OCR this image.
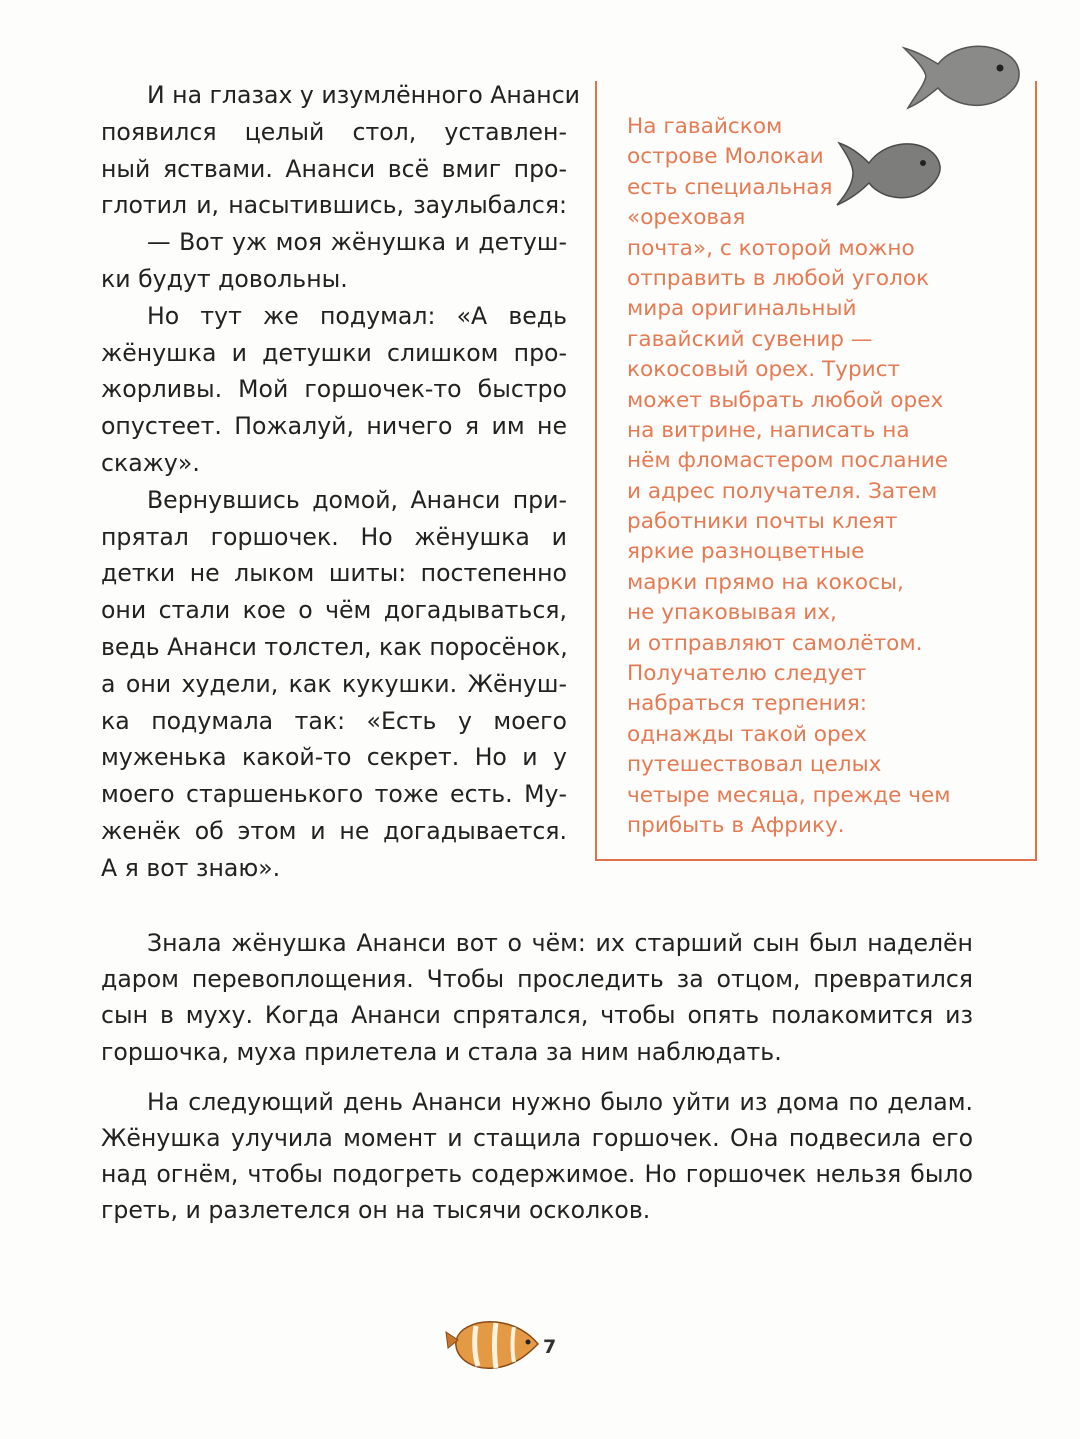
И на глазах у изумлённого Ананси
появился целый стол, уставлен-
ный яствами. Ананси всё вмиг про-
глотил и, насытившись, заулыбался:
— Вот уж моя жёнушка и детуш-
ки будут довольны.
Но тут же подумал: «А ведь
жёнушка и детушки слишком про-
жорливы. Мой горшочек-то быстро
опустеет. Пожалуй, ничего я им не
скажу».
Вернувшись домой, Ананси при-
прятал горшочек. Но жёнушка и
детки не лыком шиты: постепенно
они стали кое о чём догадываться,
ведь Ананси толстел, как поросёнок,
а они худели, как кукушки. Жёнуш-
ка подумала так: «Есть у моего
муженька какой-то секрет. Но и у
моего старшенького тоже есть. Му-
женёк об этом и не догадывается.
А я вот знаю».
На гавайском
острове Молокаи
есть специальная
«ореховая
почта», с которой можно
отправить в любой уголок
мира оригинальный
гавайский сувенир —
кокосовый орех. Турист
может выбрать любой орех
на витрине, написать на
нём фломастером послание
и адрес получателя. Затем
работники почты клеят
яркие разноцветные
марки прямо на кокосы,
не упаковывая их,
и отправляют самолётом.
Получателю следует
набраться терпения:
однажды такой орех
путешествовал целых
четыре месяца, прежде чем
прибыть в Африку.
Знала жёнушка Ананси вот о чём: их старший сын был наделён
даром перевоплощения. Чтобы проследить за отцом, превратился
сын в муху. Когда Ананси спрятался, чтобы опять полакомится из
горшочка, муха прилетела и стала за ним наблюдать.
На следующий день Ананси нужно было уйти из дома по делам.
Жёнушка улучила момент и стащила горшочек. Она подвесила его
над огнём, чтобы подогреть содержимое. Но горшочек нельзя было
греть, и разлетелся он на тысячи осколков.
7
